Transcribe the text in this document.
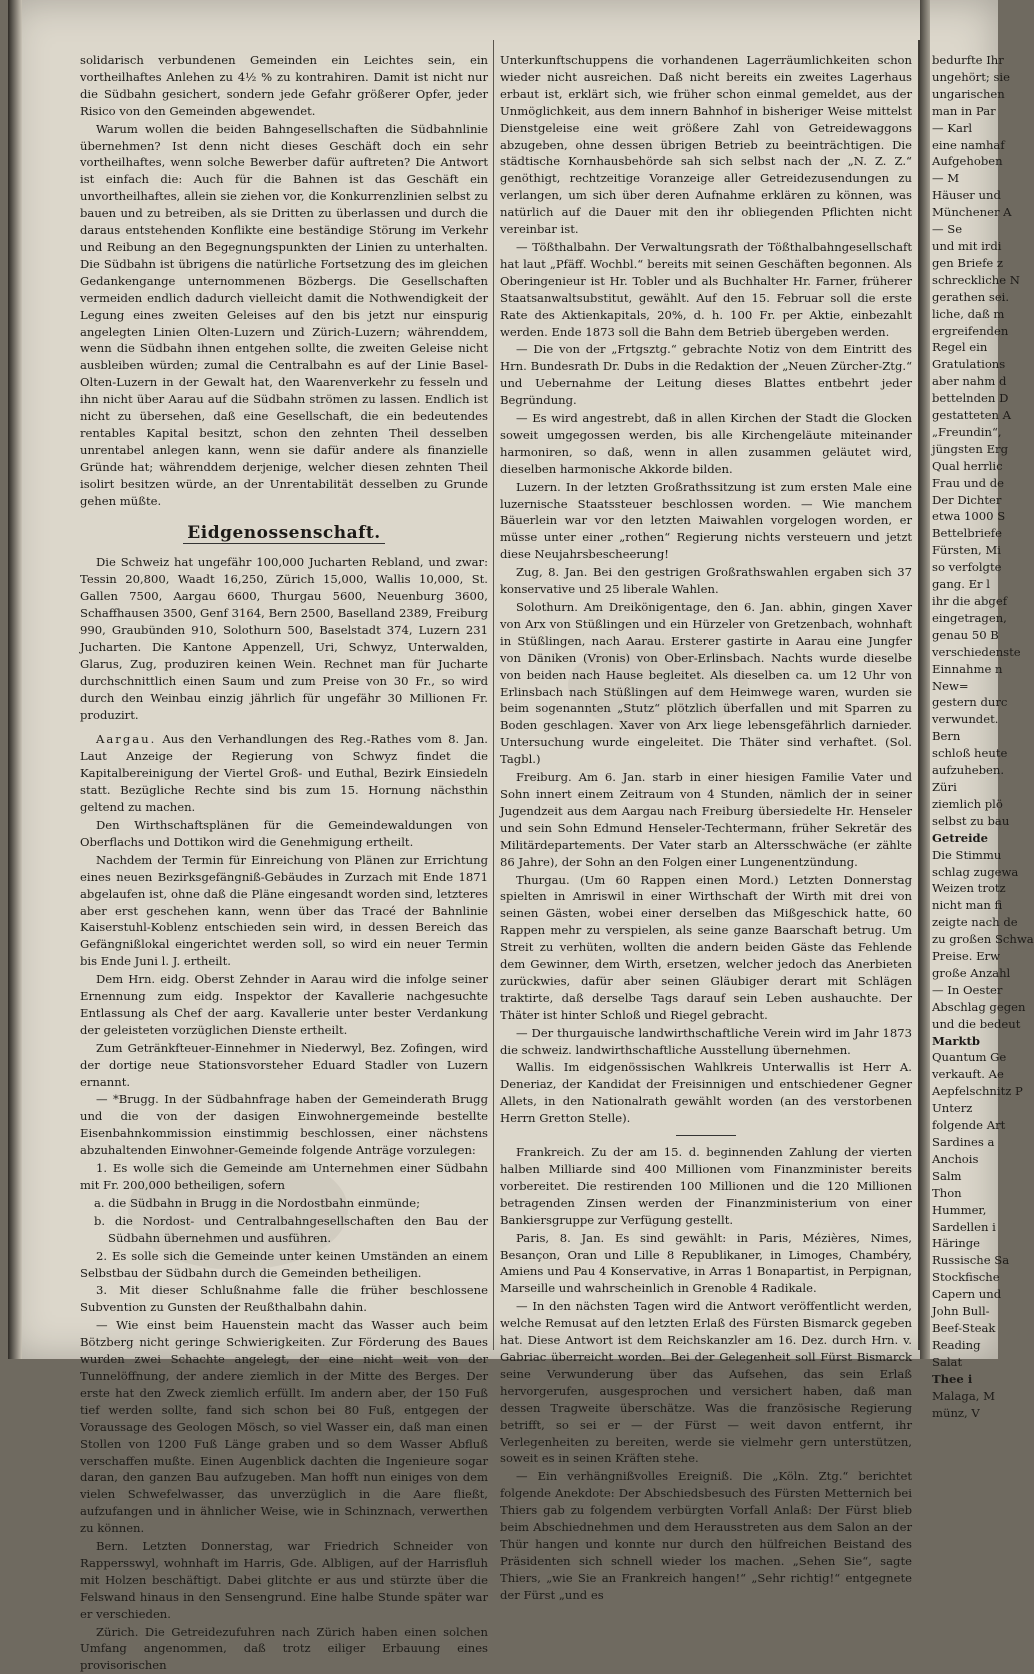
solidarisch verbundenen Gemeinden ein Leichtes sein, ein vortheilhaftes Anlehen zu 4½ % zu kontrahiren. Damit ist nicht nur die Südbahn gesichert, sondern jede Gefahr größerer Opfer, jeder Risico von den Gemeinden abgewendet.

Warum wollen die beiden Bahngesellschaften die Südbahnlinie übernehmen? Ist denn nicht dieses Geschäft doch ein sehr vortheilhaftes, wenn solche Bewerber dafür auftreten? Die Antwort ist einfach die: Auch für die Bahnen ist das Geschäft ein unvortheilhaftes, allein sie ziehen vor, die Konkurrenzlinien selbst zu bauen und zu betreiben, als sie Dritten zu überlassen und durch die daraus entstehenden Konflikte eine beständige Störung im Verkehr und Reibung an den Begegnungspunkten der Linien zu unterhalten. Die Südbahn ist übrigens die natürliche Fortsetzung des im gleichen Gedankengange unternommenen Bözbergs. Die Gesellschaften vermeiden endlich dadurch vielleicht damit die Nothwendigkeit der Legung eines zweiten Geleises auf den bis jetzt nur einspurig angelegten Linien Olten-Luzern und Zürich-Luzern; währenddem, wenn die Südbahn ihnen entgehen sollte, die zweiten Geleise nicht ausbleiben würden; zumal die Centralbahn es auf der Linie Basel-Olten-Luzern in der Gewalt hat, den Waarenverkehr zu fesseln und ihn nicht über Aarau auf die Südbahn strömen zu lassen. Endlich ist nicht zu übersehen, daß eine Gesellschaft, die ein bedeutendes rentables Kapital besitzt, schon den zehnten Theil desselben unrentabel anlegen kann, wenn sie dafür andere als finanzielle Gründe hat; währenddem derjenige, welcher diesen zehnten Theil isolirt besitzen würde, an der Unrentabilität desselben zu Grunde gehen müßte.

Eidgenossenschaft.

Die Schweiz hat ungefähr 100,000 Jucharten Rebland, und zwar: Tessin 20,800, Waadt 16,250, Zürich 15,000, Wallis 10,000, St. Gallen 7500, Aargau 6600, Thurgau 5600, Neuenburg 3600, Schaffhausen 3500, Genf 3164, Bern 2500, Baselland 2389, Freiburg 990, Graubünden 910, Solothurn 500, Baselstadt 374, Luzern 231 Jucharten. Die Kantone Appenzell, Uri, Schwyz, Unterwalden, Glarus, Zug, produziren keinen Wein. Rechnet man für Jucharte durchschnittlich einen Saum und zum Preise von 30 Fr., so wird durch den Weinbau einzig jährlich für ungefähr 30 Millionen Fr. produzirt.

Aargau. Aus den Verhandlungen des Reg.-Rathes vom 8. Jan. Laut Anzeige der Regierung von Schwyz findet die Kapitalbereinigung der Viertel Groß- und Euthal, Bezirk Einsiedeln statt. Bezügliche Rechte sind bis zum 15. Hornung nächsthin geltend zu machen.

Den Wirthschaftsplänen für die Gemeindewaldungen von Oberflachs und Dottikon wird die Genehmigung ertheilt.

Nachdem der Termin für Einreichung von Plänen zur Errichtung eines neuen Bezirksgefängniß-Gebäudes in Zurzach mit Ende 1871 abgelaufen ist, ohne daß die Pläne eingesandt worden sind, letzteres aber erst geschehen kann, wenn über das Tracé der Bahnlinie Kaiserstuhl-Koblenz entschieden sein wird, in dessen Bereich das Gefängnißlokal eingerichtet werden soll, so wird ein neuer Termin bis Ende Juni l. J. ertheilt.

Dem Hrn. eidg. Oberst Zehnder in Aarau wird die infolge seiner Ernennung zum eidg. Inspektor der Kavallerie nachgesuchte Entlassung als Chef der aarg. Kavallerie unter bester Verdankung der geleisteten vorzüglichen Dienste ertheilt.

Zum Getränkfteuer-Einnehmer in Niederwyl, Bez. Zofingen, wird der dortige neue Stationsvorsteher Eduard Stadler von Luzern ernannt.

— *Brugg. In der Südbahnfrage haben der Gemeinderath Brugg und die von der dasigen Einwohnergemeinde bestellte Eisenbahnkommission einstimmig beschlossen, einer nächstens abzuhaltenden Einwohner-Gemeinde folgende Anträge vorzulegen:

1. Es wolle sich die Gemeinde am Unternehmen einer Südbahn mit Fr. 200,000 betheiligen, sofern

a. die Südbahn in Brugg in die Nordostbahn einmünde;
b. die Nordost- und Centralbahngesellschaften den Bau der Südbahn übernehmen und ausführen.

2. Es solle sich die Gemeinde unter keinen Umständen an einem Selbstbau der Südbahn durch die Gemeinden betheiligen.

3. Mit dieser Schlußnahme falle die früher beschlossene Subvention zu Gunsten der Reußthalbahn dahin.

— Wie einst beim Hauenstein macht das Wasser auch beim Bötzberg nicht geringe Schwierigkeiten. Zur Förderung des Baues wurden zwei Schachte angelegt, der eine nicht weit von der Tunnelöffnung, der andere ziemlich in der Mitte des Berges. Der erste hat den Zweck ziemlich erfüllt. Im andern aber, der 150 Fuß tief werden sollte, fand sich schon bei 80 Fuß, entgegen der Voraussage des Geologen Mösch, so viel Wasser ein, daß man einen Stollen von 1200 Fuß Länge graben und so dem Wasser Abfluß verschaffen mußte. Einen Augenblick dachten die Ingenieure sogar daran, den ganzen Bau aufzugeben. Man hofft nun einiges von dem vielen Schwefelwasser, das unverzüglich in die Aare fließt, aufzufangen und in ähnlicher Weise, wie in Schinznach, verwerthen zu können.

Bern. Letzten Donnerstag, war Friedrich Schneider von Rappersswyl, wohnhaft im Harris, Gde. Albligen, auf der Harrisfluh mit Holzen beschäftigt. Dabei glitchte er aus und stürzte über die Felswand hinaus in den Sensengrund. Eine halbe Stunde später war er verschieden.

Zürich. Die Getreidezufuhren nach Zürich haben einen solchen Umfang angenommen, daß trotz eiliger Erbauung eines provisorischen

Unterkunftschuppens die vorhandenen Lagerräumlichkeiten schon wieder nicht ausreichen. Daß nicht bereits ein zweites Lagerhaus erbaut ist, erklärt sich, wie früher schon einmal gemeldet, aus der Unmöglichkeit, aus dem innern Bahnhof in bisheriger Weise mittelst Dienstgeleise eine weit größere Zahl von Getreidewaggons abzugeben, ohne dessen übrigen Betrieb zu beeinträchtigen. Die städtische Kornhausbehörde sah sich selbst nach der „N. Z. Z.“ genöthigt, rechtzeitige Voranzeige aller Getreidezusendungen zu verlangen, um sich über deren Aufnahme erklären zu können, was natürlich auf die Dauer mit den ihr obliegenden Pflichten nicht vereinbar ist.

— Tößthalbahn. Der Verwaltungsrath der Tößthalbahngesellschaft hat laut „Pfäff. Wochbl.“ bereits mit seinen Geschäften begonnen. Als Oberingenieur ist Hr. Tobler und als Buchhalter Hr. Farner, früherer Staatsanwaltsubstitut, gewählt. Auf den 15. Februar soll die erste Rate des Aktienkapitals, 20%, d. h. 100 Fr. per Aktie, einbezahlt werden. Ende 1873 soll die Bahn dem Betrieb übergeben werden.

— Die von der „Frtgsztg.“ gebrachte Notiz von dem Eintritt des Hrn. Bundesrath Dr. Dubs in die Redaktion der „Neuen Zürcher-Ztg.“ und Uebernahme der Leitung dieses Blattes entbehrt jeder Begründung.

— Es wird angestrebt, daß in allen Kirchen der Stadt die Glocken soweit umgegossen werden, bis alle Kirchengeläute miteinander harmoniren, so daß, wenn in allen zusammen geläutet wird, dieselben harmonische Akkorde bilden.

Luzern. In der letzten Großrathssitzung ist zum ersten Male eine luzernische Staatssteuer beschlossen worden. — Wie manchem Bäuerlein war vor den letzten Maiwahlen vorgelogen worden, er müsse unter einer „rothen“ Regierung nichts versteuern und jetzt diese Neujahrsbescheerung!

Zug, 8. Jan. Bei den gestrigen Großrathswahlen ergaben sich 37 konservative und 25 liberale Wahlen.

Solothurn. Am Dreikönigentage, den 6. Jan. abhin, gingen Xaver von Arx von Stüßlingen und ein Hürzeler von Gretzenbach, wohnhaft in Stüßlingen, nach Aarau. Ersterer gastirte in Aarau eine Jungfer von Däniken (Vronis) von Ober-Erlinsbach. Nachts wurde dieselbe von beiden nach Hause begleitet. Als dieselben ca. um 12 Uhr von Erlinsbach nach Stüßlingen auf dem Heimwege waren, wurden sie beim sogenannten „Stutz“ plötzlich überfallen und mit Sparren zu Boden geschlagen. Xaver von Arx liege lebensgefährlich darnieder. Untersuchung wurde eingeleitet. Die Thäter sind verhaftet. (Sol. Tagbl.)

Freiburg. Am 6. Jan. starb in einer hiesigen Familie Vater und Sohn innert einem Zeitraum von 4 Stunden, nämlich der in seiner Jugendzeit aus dem Aargau nach Freiburg übersiedelte Hr. Henseler und sein Sohn Edmund Henseler-Techtermann, früher Sekretär des Militärdepartements. Der Vater starb an Altersschwäche (er zählte 86 Jahre), der Sohn an den Folgen einer Lungenentzündung.

Thurgau. (Um 60 Rappen einen Mord.) Letzten Donnerstag spielten in Amriswil in einer Wirthschaft der Wirth mit drei von seinen Gästen, wobei einer derselben das Mißgeschick hatte, 60 Rappen mehr zu verspielen, als seine ganze Baarschaft betrug. Um Streit zu verhüten, wollten die andern beiden Gäste das Fehlende dem Gewinner, dem Wirth, ersetzen, welcher jedoch das Anerbieten zurückwies, dafür aber seinen Gläubiger derart mit Schlägen traktirte, daß derselbe Tags darauf sein Leben aushauchte. Der Thäter ist hinter Schloß und Riegel gebracht.

— Der thurgauische landwirthschaftliche Verein wird im Jahr 1873 die schweiz. landwirthschaftliche Ausstellung übernehmen.

Wallis. Im eidgenössischen Wahlkreis Unterwallis ist Herr A. Deneriaz, der Kandidat der Freisinnigen und entschiedener Gegner Allets, in den Nationalrath gewählt worden (an des verstorbenen Herrn Gretton Stelle).

Frankreich. Zu der am 15. d. beginnenden Zahlung der vierten halben Milliarde sind 400 Millionen vom Finanzminister bereits vorbereitet. Die restirenden 100 Millionen und die 120 Millionen betragenden Zinsen werden der Finanzministerium von einer Bankiersgruppe zur Verfügung gestellt.

Paris, 8. Jan. Es sind gewählt: in Paris, Mézières, Nimes, Besançon, Oran und Lille 8 Republikaner, in Limoges, Chambéry, Amiens und Pau 4 Konservative, in Arras 1 Bonapartist, in Perpignan, Marseille und wahrscheinlich in Grenoble 4 Radikale.

— In den nächsten Tagen wird die Antwort veröffentlicht werden, welche Remusat auf den letzten Erlaß des Fürsten Bismarck gegeben hat. Diese Antwort ist dem Reichskanzler am 16. Dez. durch Hrn. v. Gabriac überreicht worden. Bei der Gelegenheit soll Fürst Bismarck seine Verwunderung über das Aufsehen, das sein Erlaß hervorgerufen, ausgesprochen und versichert haben, daß man dessen Tragweite überschätze. Was die französische Regierung betrifft, so sei er — der Fürst — weit davon entfernt, ihr Verlegenheiten zu bereiten, werde sie vielmehr gern unterstützen, soweit es in seinen Kräften stehe.

— Ein verhängnißvolles Ereigniß. Die „Köln. Ztg.“ berichtet folgende Anekdote: Der Abschiedsbesuch des Fürsten Metternich bei Thiers gab zu folgendem verbürgten Vorfall Anlaß: Der Fürst blieb beim Abschiednehmen und dem Herausstreten aus dem Salon an der Thür hangen und konnte nur durch den hülfreichen Beistand des Präsidenten sich schnell wieder los machen. „Sehen Sie“, sagte Thiers, „wie Sie an Frankreich hangen!“ „Sehr richtig!“ entgegnete der Fürst „und es

bedurfte Ihr
ungehört; sie
ungarischen
man in Par
— Karl
eine namhaf
Aufgehoben
— M
Häuser und
Münchener A
— Se
und mit irdi
gen Briefe z
schreckliche N
gerathen sei.
liche, daß m
ergreifenden
Regel ein
Gratulations
aber nahm d
bettelnden D
gestatteten A
„Freundin“,
jüngsten Erg
Qual herrlic
Frau und de
Der Dichter
etwa 1000 S
Bettelbriefe
Fürsten, Mi
so verfolgte
gang. Er l
ihr die abgef
eingetragen,
genau 50 B
verschiedenste
Einnahme n
New=
gestern durc
verwundet.
Bern
schloß heute
aufzuheben.
Züri
ziemlich plö
selbst zu bau
Getreide
Die Stimmu
schlag zugewa
Weizen trotz
nicht man fi
zeigte nach de
zu großen Schwa
Preise. Erw
große Anzahl
— In Oester
Abschlag gegen
und die bedeut
Marktb
Quantum Ge
verkauft. Ae
Aepfelschnitz P
Unterz
folgende Art
Sardines a
Anchois
Salm
Thon
Hummer,
Sardellen i
Häringe
Russische Sa
Stockfische
Capern und
John Bull-
Beef-Steak
Reading
Salat
Thee i
Malaga, M
münz, V
